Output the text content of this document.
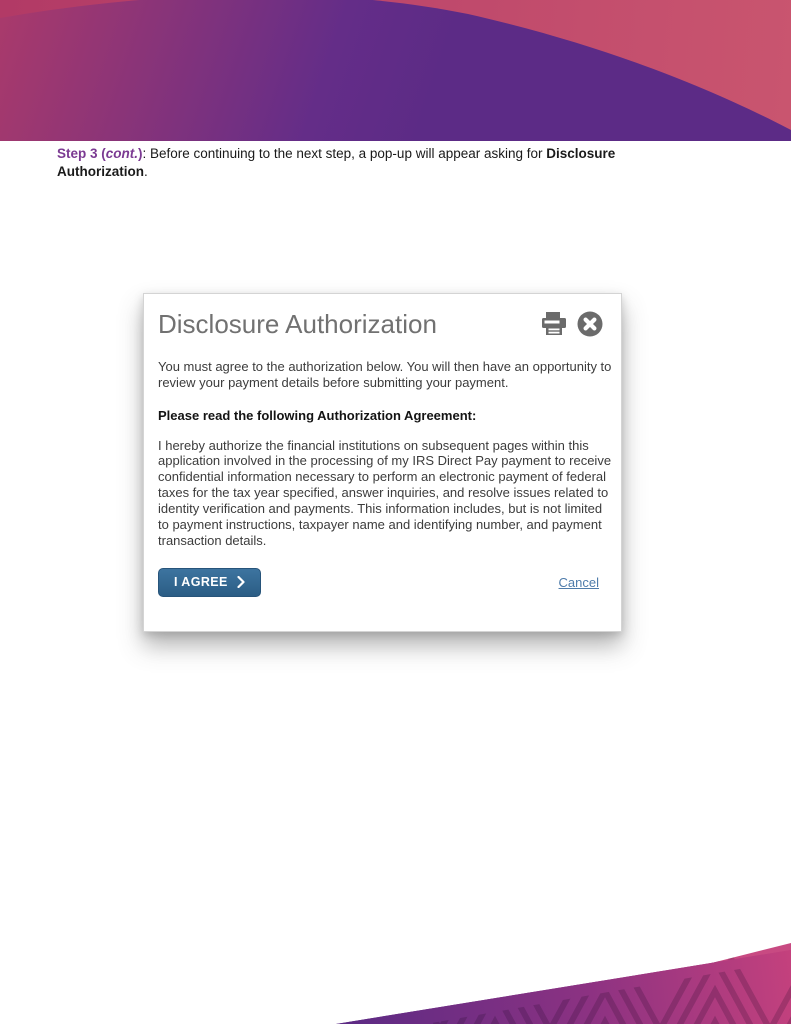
Step 3 (cont.): Before continuing to the next step, a pop-up will appear asking for Disclosure Authorization.

Disclosure Authorization

You must agree to the authorization below. You will then have an opportunity to review your payment details before submitting your payment.

Please read the following Authorization Agreement:

I hereby authorize the financial institutions on subsequent pages within this application involved in the processing of my IRS Direct Pay payment to receive confidential information necessary to perform an electronic payment of federal taxes for the tax year specified, answer inquiries, and resolve issues related to identity verification and payments. This information includes, but is not limited to payment instructions, taxpayer name and identifying number, and payment transaction details.

I AGREE	Cancel
